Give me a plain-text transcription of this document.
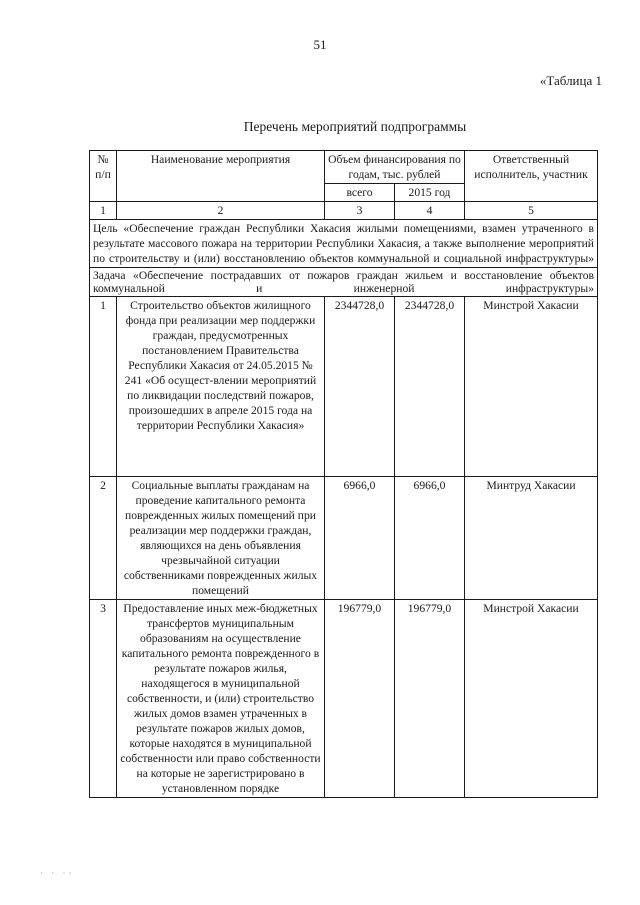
51
«Таблица 1
Перечень мероприятий подпрограммы
№ п/п	Наименование мероприятия	Объем финансирования по годам, тыс. рублей		Ответственный исполнитель, участник
		всего	2015 год	
1	2	3	4	5
Цель «Обеспечение граждан Республики Хакасия жилыми помещениями, взамен утраченного в результате массового пожара на территории Республики Хакасия, а также выполнение мероприятий по строительству и (или) восстановлению объектов коммунальной и социальной инфраструктуры»				
Задача «Обеспечение пострадавших от пожаров граждан жильем и восстановление объектов коммунальной и инженерной инфраструктуры»				
1	Строительство объектов жилищного фонда при реализации мер поддержки граждан, предусмотренных постановлением Правительства Республики Хакасия от 24.05.2015 № 241 «Об осущест-влении мероприятий по ликвидации последствий пожаров, произошедших в апреле 2015 года на территории Республики Хакасия»	2344728,0	2344728,0	Минстрой Хакасии
2	Социальные выплаты гражданам на проведение капитального ремонта поврежденных жилых помещений при реализации мер поддержки граждан, являющихся на день объявления чрезвычайной ситуации собственниками поврежденных жилых помещений	6966,0	6966,0	Минтруд Хакасии
3	Предоставление иных меж-бюджетных трансфертов муниципальным образованиям на осуществление капитального ремонта поврежденного в результате пожаров жилья, находящегося в муниципальной собственности, и (или) строительство жилых домов взамен утраченных в результате пожаров жилых домов, которые находятся в муниципальной собственности или право собственности на которые не зарегистрировано в установленном порядке	196779,0	196779,0	Минстрой Хакасии
· · ··
